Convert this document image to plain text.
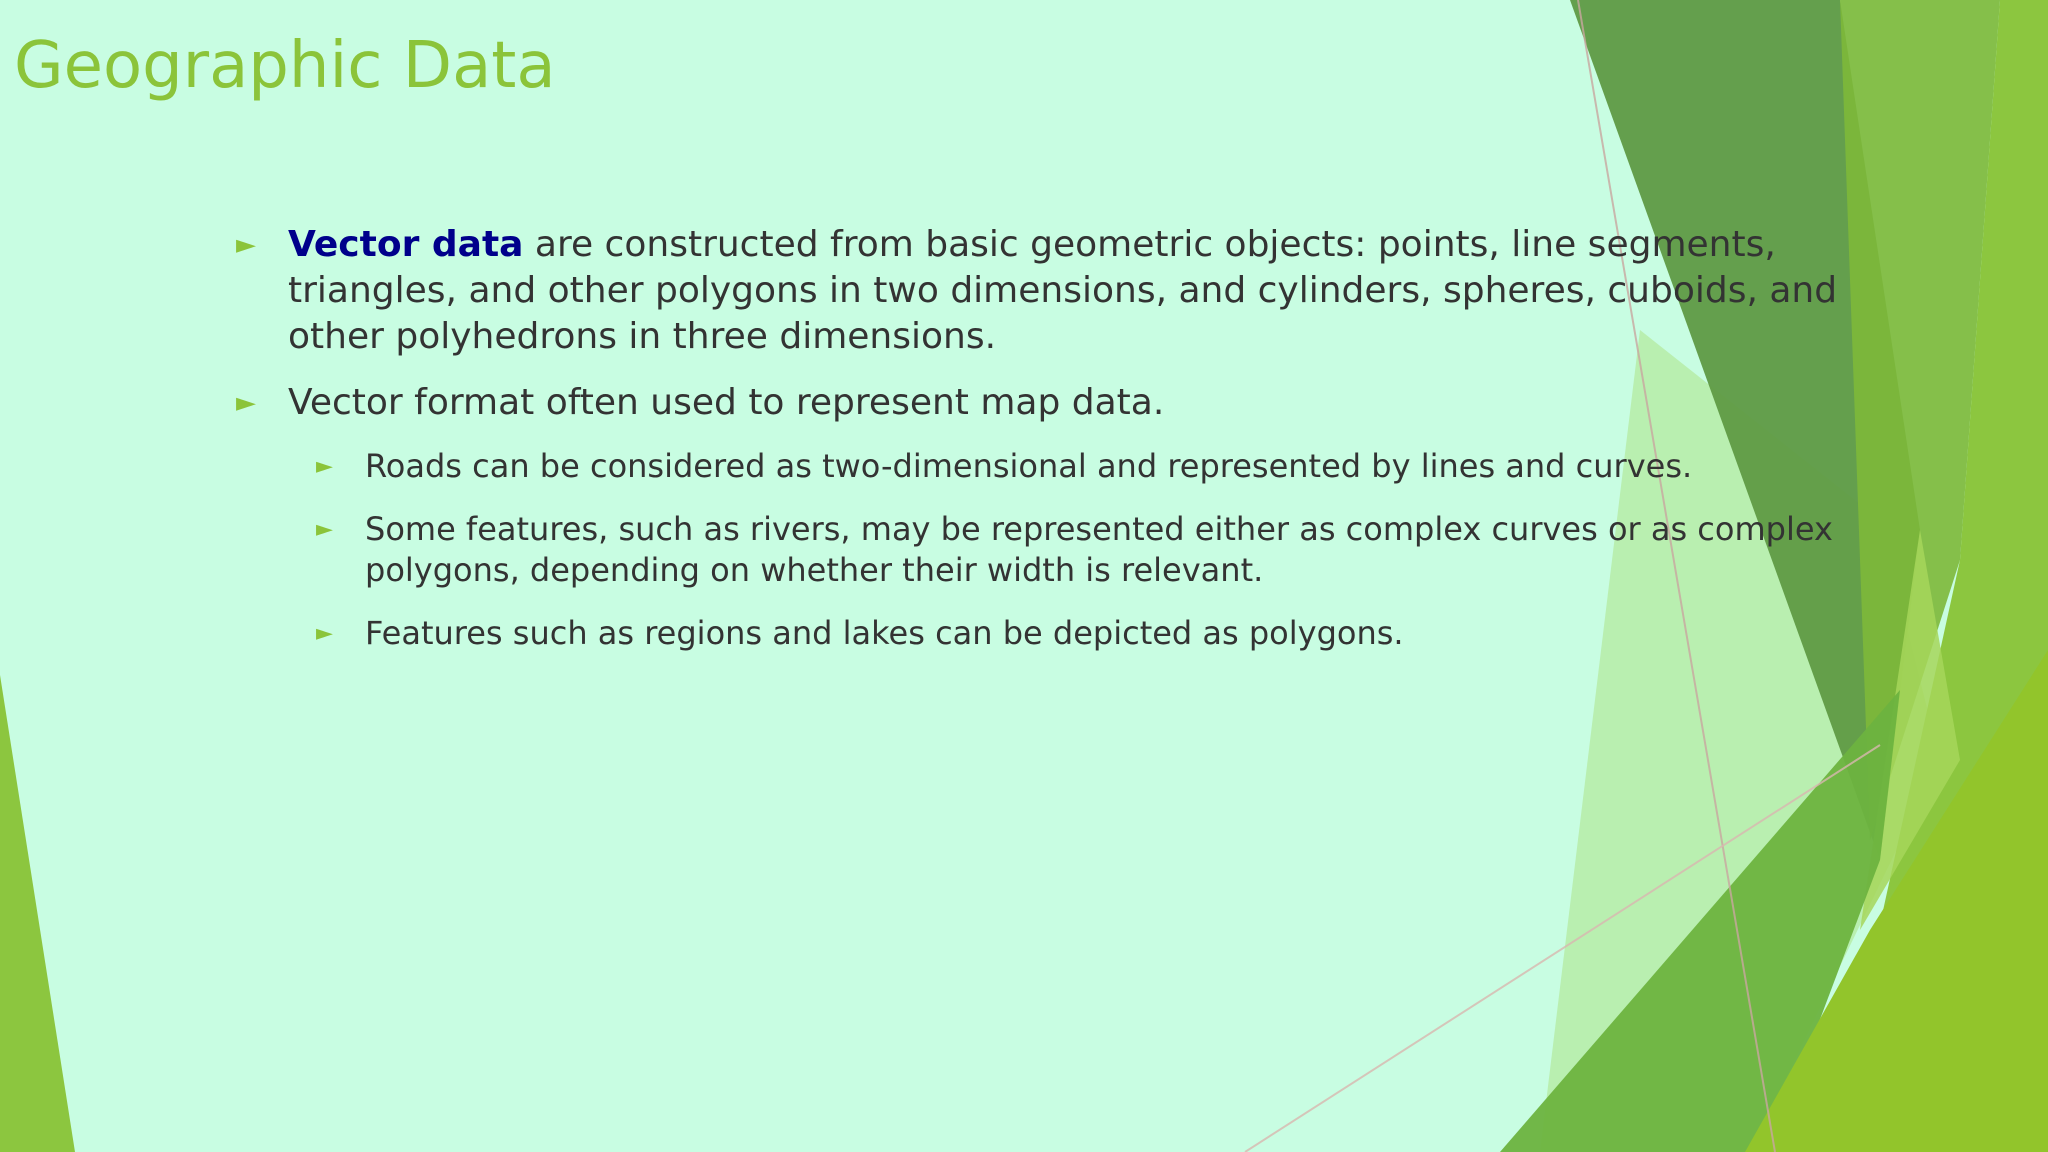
Geographic Data

► Vector data are constructed from basic geometric objects: points, line segments, triangles, and other polygons in two dimensions, and cylinders, spheres, cuboids, and other polyhedrons in three dimensions.

► Vector format often used to represent map data.

► Roads can be considered as two-dimensional and represented by lines and curves.

► Some features, such as rivers, may be represented either as complex curves or as complex polygons, depending on whether their width is relevant.

► Features such as regions and lakes can be depicted as polygons.
